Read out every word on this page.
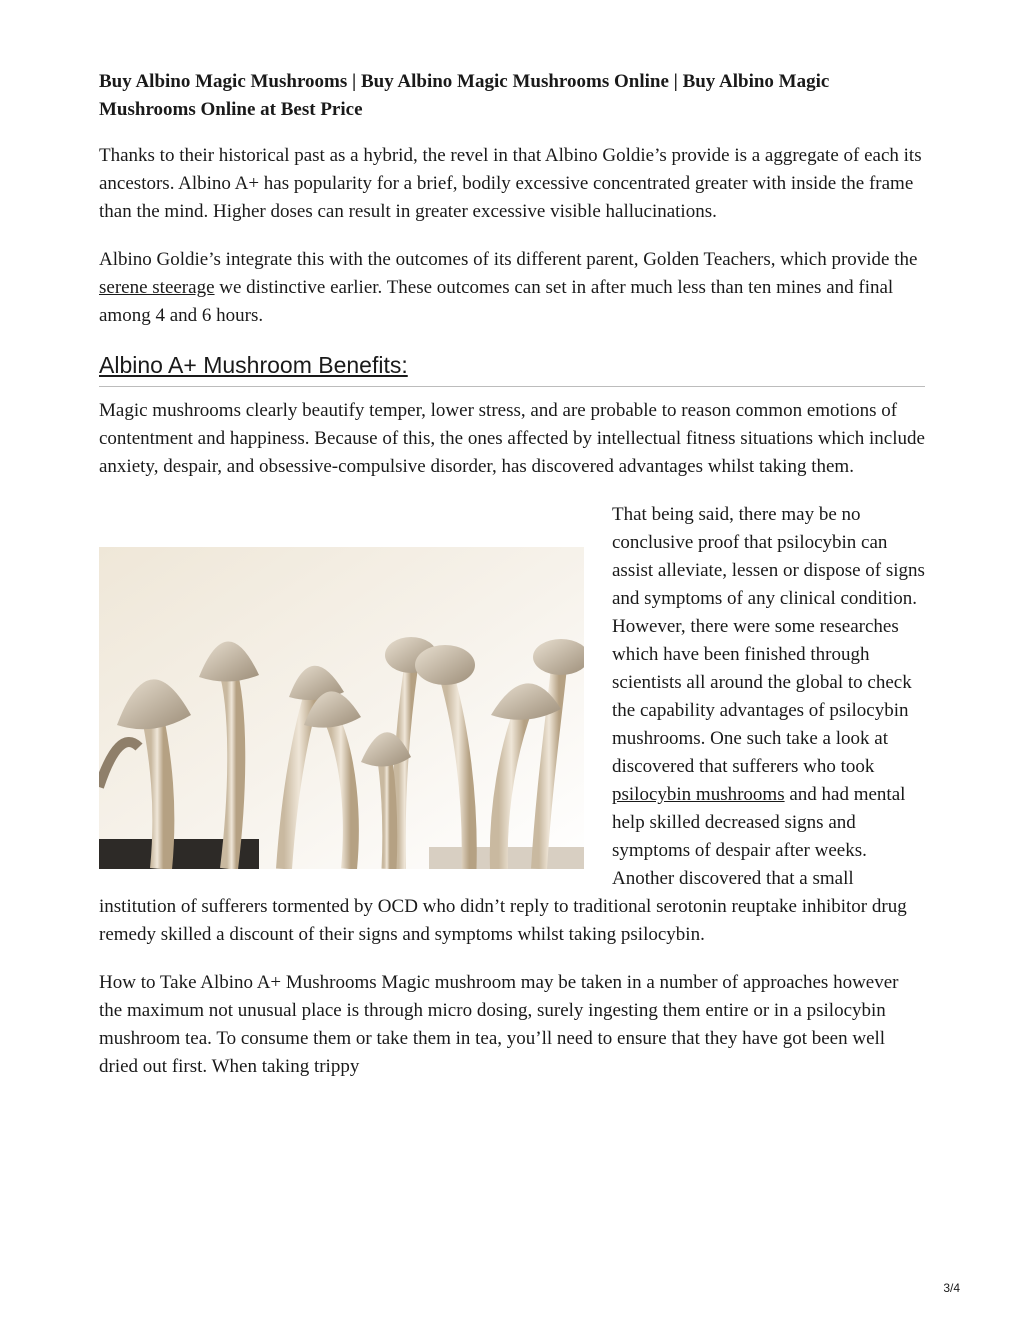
Buy Albino Magic Mushrooms | Buy Albino Magic Mushrooms Online | Buy Albino Magic Mushrooms Online at Best Price

Thanks to their historical past as a hybrid, the revel in that Albino Goldie’s provide is a aggregate of each its ancestors. Albino A+ has popularity for a brief, bodily excessive concentrated greater with inside the frame than the mind. Higher doses can result in greater excessive visible hallucinations.

Albino Goldie’s integrate this with the outcomes of its different parent, Golden Teachers, which provide the serene steerage we distinctive earlier. These outcomes can set in after much less than ten mines and final among 4 and 6 hours.

Albino A+ Mushroom Benefits:

Magic mushrooms clearly beautify temper, lower stress, and are probable to reason common emotions of contentment and happiness. Because of this, the ones affected by intellectual fitness situations which include anxiety, despair, and obsessive-compulsive disorder, has discovered advantages whilst taking them.

That being said, there may be no conclusive proof that psilocybin can assist alleviate, lessen or dispose of signs and symptoms of any clinical condition. However, there were some researches which have been finished through scientists all around the global to check the capability advantages of psilocybin mushrooms. One such take a look at discovered that sufferers who took psilocybin mushrooms and had mental help skilled decreased signs and symptoms of despair after weeks. Another discovered that a small institution of sufferers tormented by OCD who didn’t reply to traditional serotonin reuptake inhibitor drug remedy skilled a discount of their signs and symptoms whilst taking psilocybin.

How to Take Albino A+ Mushrooms Magic mushroom may be taken in a number of approaches however the maximum not unusual place is through micro dosing, surely ingesting them entire or in a psilocybin mushroom tea. To consume them or take them in tea, you’ll need to ensure that they have got been well dried out first. When taking trippy

3/4
